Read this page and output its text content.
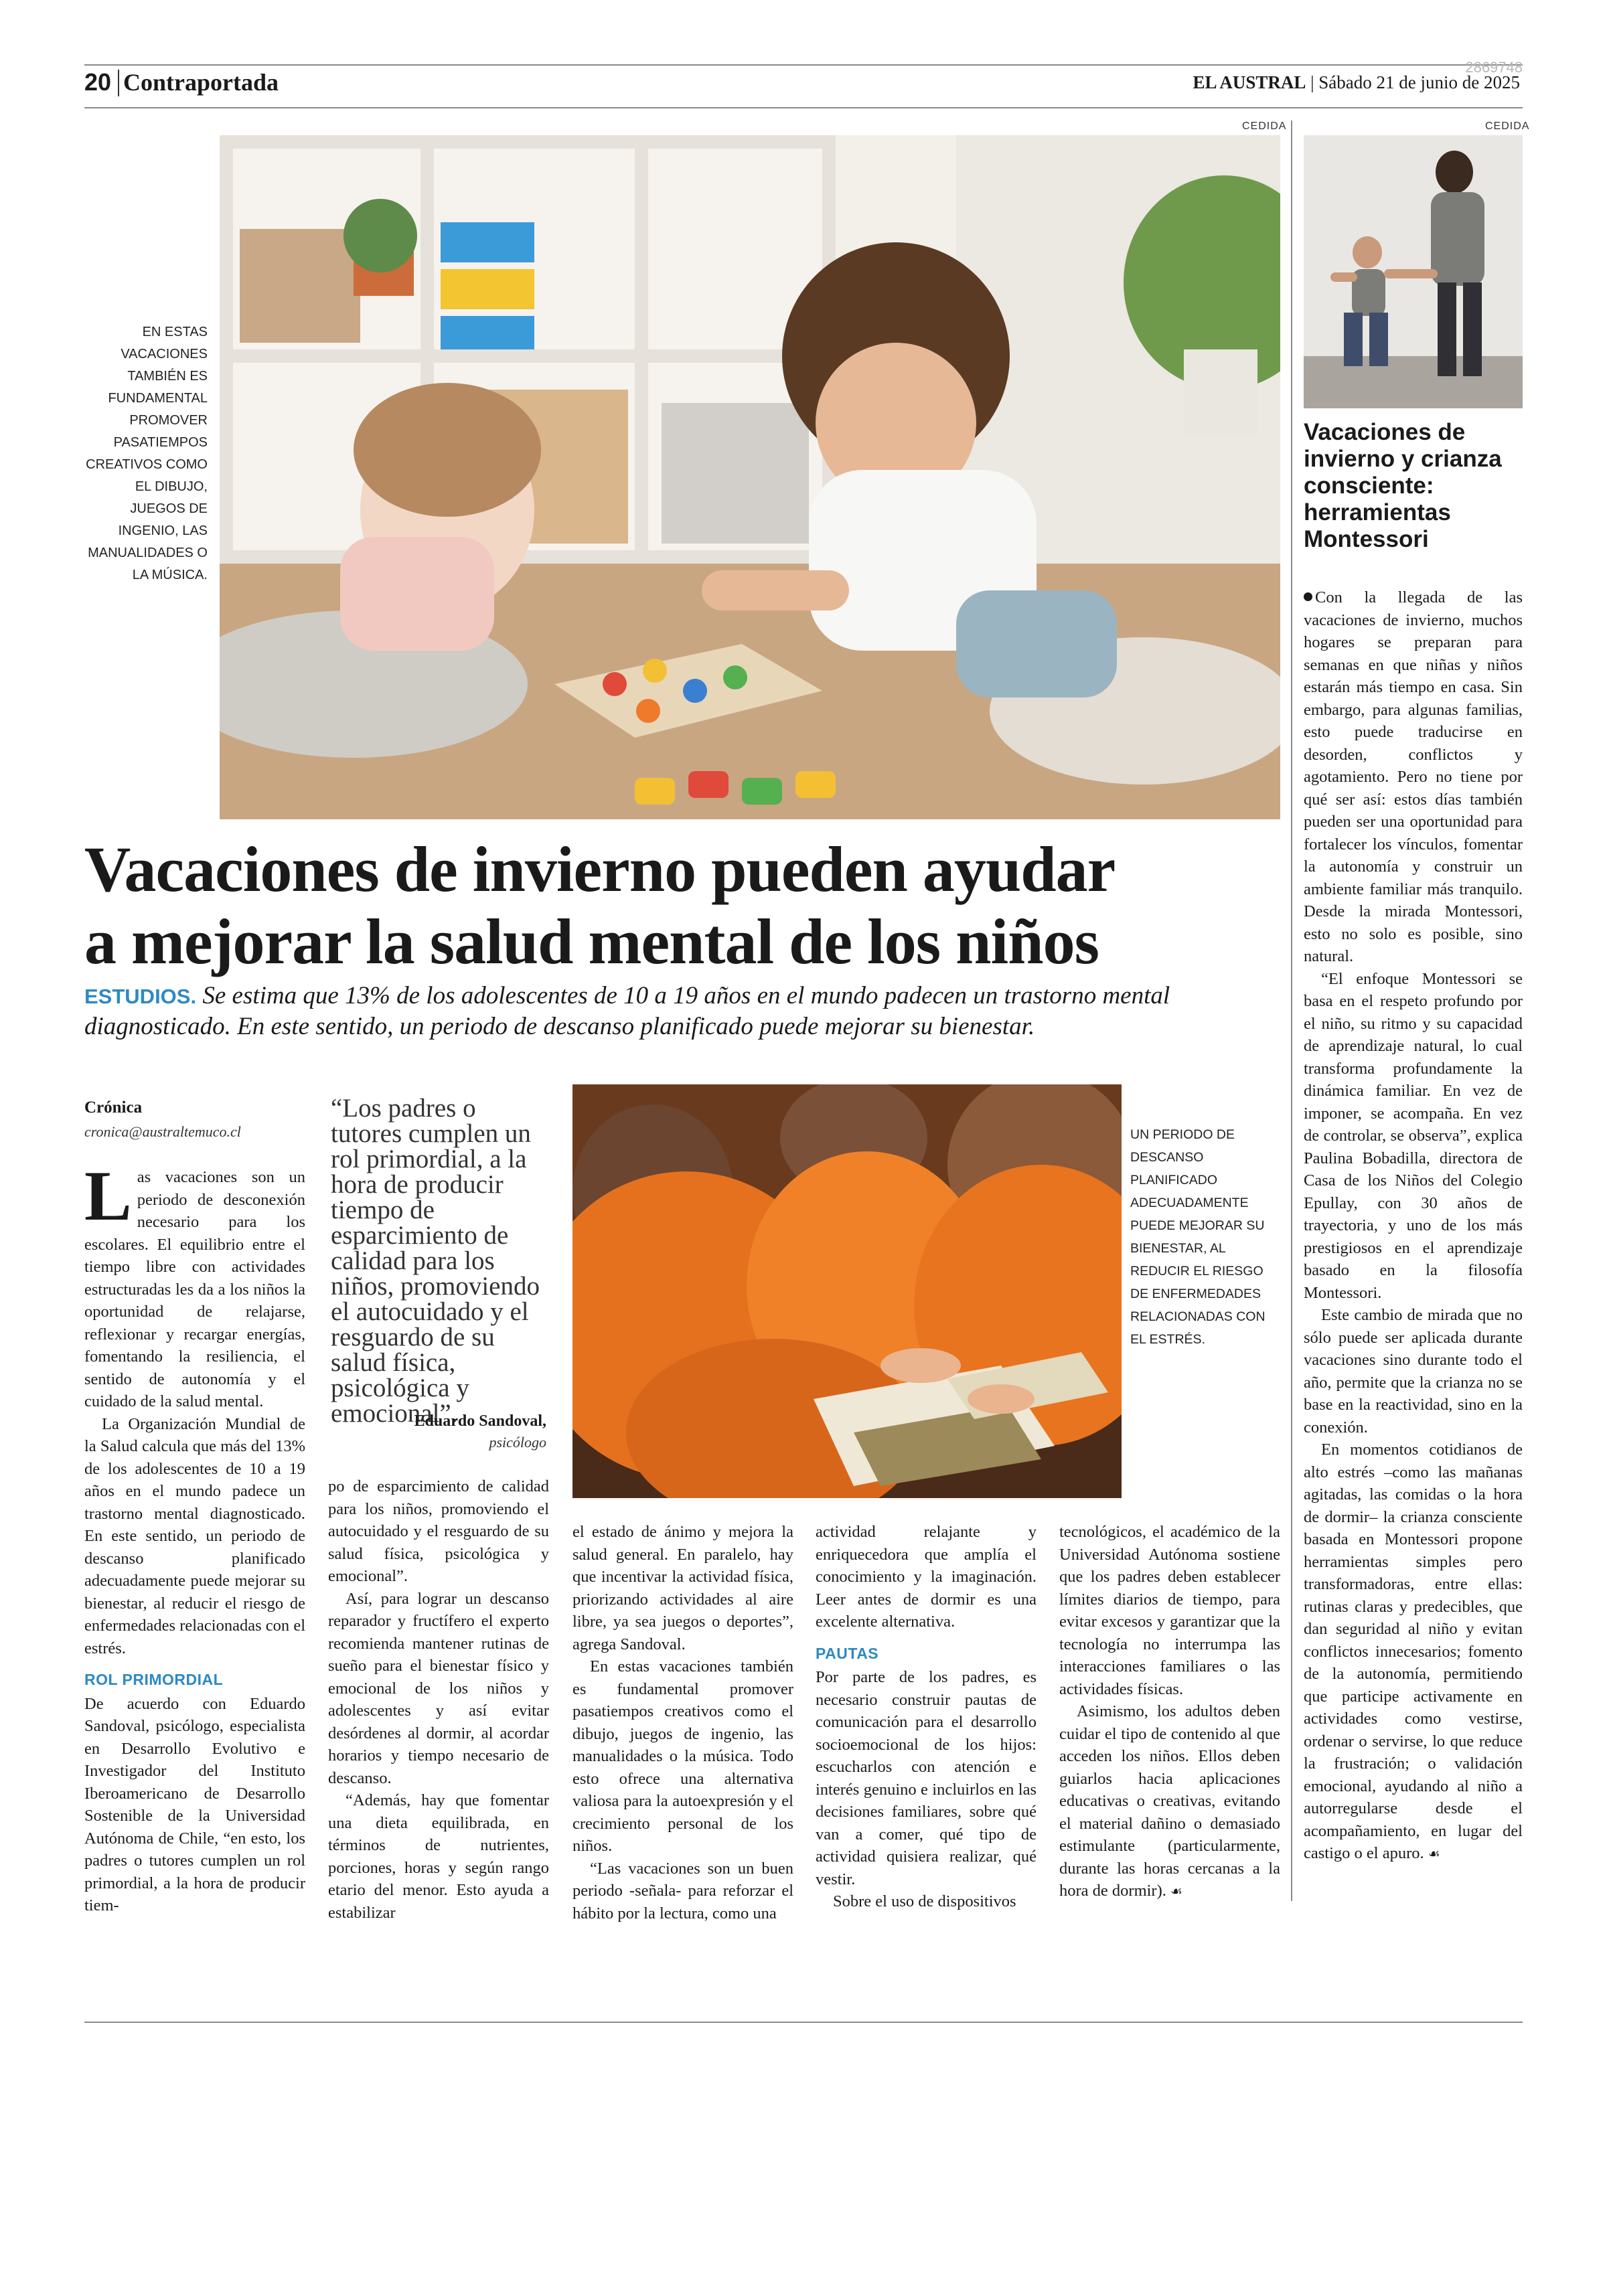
2869748
20 Contraportada	EL AUSTRAL | Sábado 21 de junio de 2025
CEDIDA
EN ESTAS VACACIONES TAMBIÉN ES FUNDAMENTAL PROMOVER PASATIEMPOS CREATIVOS COMO EL DIBUJO, JUEGOS DE INGENIO, LAS MANUALIDADES O LA MÚSICA.
Vacaciones de invierno pueden ayudar
a mejorar la salud mental de los niños
ESTUDIOS. Se estima que 13% de los adolescentes de 10 a 19 años en el mundo padecen un trastorno mental diagnosticado. En este sentido, un periodo de descanso planificado puede mejorar su bienestar.
Crónica
cronica@australtemuco.cl
“Los padres o tutores cumplen un rol primordial, a la hora de producir tiempo de esparcimiento de calidad para los niños, promoviendo el autocuidado y el resguardo de su salud física, psicológica y emocional”.
Eduardo Sandoval,
psicólogo
UN PERIODO DE DESCANSO PLANIFICADO ADECUADAMENTE PUEDE MEJORAR SU BIENESTAR, AL REDUCIR EL RIESGO DE ENFERMEDADES RELACIONADAS CON EL ESTRÉS.

Las vacaciones son un periodo de desconexión necesario para los escolares. El equilibrio entre el tiempo libre con actividades estructuradas les da a los niños la oportunidad de relajarse, reflexionar y recargar energías, fomentando la resiliencia, el sentido de autonomía y el cuidado de la salud mental.

La Organización Mundial de la Salud calcula que más del 13% de los adolescentes de 10 a 19 años en el mundo padece un trastorno mental diagnosticado. En este sentido, un periodo de descanso planificado adecuadamente puede mejorar su bienestar, al reducir el riesgo de enfermedades relacionadas con el estrés.

ROL PRIMORDIAL

De acuerdo con Eduardo Sandoval, psicólogo, especialista en Desarrollo Evolutivo e Investigador del Instituto Iberoamericano de Desarrollo Sostenible de la Universidad Autónoma de Chile, “en esto, los padres o tutores cumplen un rol primordial, a la hora de producir tiem-

po de esparcimiento de calidad para los niños, promoviendo el autocuidado y el resguardo de su salud física, psicológica y emocional”.

Así, para lograr un descanso reparador y fructífero el experto recomienda mantener rutinas de sueño para el bienestar físico y emocional de los niños y adolescentes y así evitar desórdenes al dormir, al acordar horarios y tiempo necesario de descanso.

“Además, hay que fomentar una dieta equilibrada, en términos de nutrientes, porciones, horas y según rango etario del menor. Esto ayuda a estabilizar

el estado de ánimo y mejora la salud general. En paralelo, hay que incentivar la actividad física, priorizando actividades al aire libre, ya sea juegos o deportes”, agrega Sandoval.

En estas vacaciones también es fundamental promover pasatiempos creativos como el dibujo, juegos de ingenio, las manualidades o la música. Todo esto ofrece una alternativa valiosa para la autoexpresión y el crecimiento personal de los niños.

“Las vacaciones son un buen periodo -señala- para reforzar el hábito por la lectura, como una

actividad relajante y enriquecedora que amplía el conocimiento y la imaginación. Leer antes de dormir es una excelente alternativa.

PAUTAS

Por parte de los padres, es necesario construir pautas de comunicación para el desarrollo socioemocional de los hijos: escucharlos con atención e interés genuino e incluirlos en las decisiones familiares, sobre qué van a comer, qué tipo de actividad quisiera realizar, qué vestir.

Sobre el uso de dispositivos

tecnológicos, el académico de la Universidad Autónoma sostiene que los padres deben establecer límites diarios de tiempo, para evitar excesos y garantizar que la tecnología no interrumpa las interacciones familiares o las actividades físicas.

Asimismo, los adultos deben cuidar el tipo de contenido al que acceden los niños. Ellos deben guiarlos hacia aplicaciones educativas o creativas, evitando el material dañino o demasiado estimulante (particularmente, durante las horas cercanas a la hora de dormir). ☙

CEDIDA
Vacaciones de invierno y crianza consciente: herramientas Montessori

Con la llegada de las vacaciones de invierno, muchos hogares se preparan para semanas en que niñas y niños estarán más tiempo en casa. Sin embargo, para algunas familias, esto puede traducirse en desorden, conflictos y agotamiento. Pero no tiene por qué ser así: estos días también pueden ser una oportunidad para fortalecer los vínculos, fomentar la autonomía y construir un ambiente familiar más tranquilo. Desde la mirada Montessori, esto no solo es posible, sino natural.

“El enfoque Montessori se basa en el respeto profundo por el niño, su ritmo y su capacidad de aprendizaje natural, lo cual transforma profundamente la dinámica familiar. En vez de imponer, se acompaña. En vez de controlar, se observa”, explica Paulina Bobadilla, directora de Casa de los Niños del Colegio Epullay, con 30 años de trayectoria, y uno de los más prestigiosos en el aprendizaje basado en la filosofía Montessori.

Este cambio de mirada que no sólo puede ser aplicada durante vacaciones sino durante todo el año, permite que la crianza no se base en la reactividad, sino en la conexión.

En momentos cotidianos de alto estrés –como las mañanas agitadas, las comidas o la hora de dormir– la crianza consciente basada en Montessori propone herramientas simples pero transformadoras, entre ellas: rutinas claras y predecibles, que dan seguridad al niño y evitan conflictos innecesarios; fomento de la autonomía, permitiendo que participe activamente en actividades como vestirse, ordenar o servirse, lo que reduce la frustración; o validación emocional, ayudando al niño a autorregularse desde el acompañamiento, en lugar del castigo o el apuro. ☙
